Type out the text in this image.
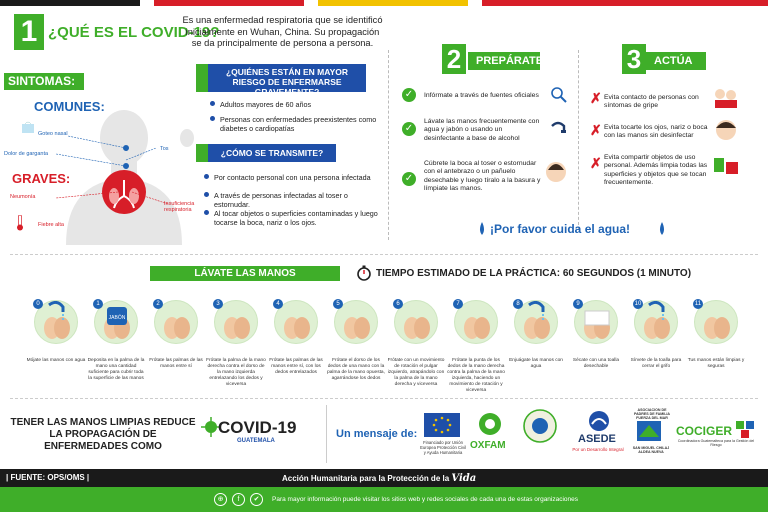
1 ¿QUÉ ES EL COVID-19?
Es una enfermedad respiratoria que se identificó inicialmente en Wuhan, China. Su propagación se da principalmente de persona a persona.
SINTOMAS:
COMUNES:
GRAVES:
Goteo nasal
Dolor de garganta
Tos
Neumonía
Fiebre alta
Insuficiencia respiratoria
¿QUIÉNES ESTÁN EN MAYOR RIESGO DE ENFERMARSE GRAVEMENTE?
Adultos mayores de 60 años
Personas con enfermedades preexistentes como diabetes o cardiopatías
¿CÓMO SE TRANSMITE?
Por contacto personal con una persona infectada
A través de personas infectadas al toser o estornudar.
Al tocar objetos o superficies contaminadas y luego tocarse la boca, nariz o los ojos.
2	PREPÁRATE
✓	Infórmate a través de fuentes oficiales
✓
Lávate las manos frecuentemente con agua y jabón o usando un desinfectante a base de alcohol
✓
Cúbrete la boca al toser o estornudar con el antebrazo o un pañuelo desechable y luego tíralo a la basura y límpiate las manos.
3	ACTÚA
✗ Evita contacto de personas con síntomas de gripe
✗ Evita tocarte los ojos, nariz o boca con las manos sin desinfectar
✗ Evita compartir objetos de uso personal. Además limpia todas las superficies y objetos que se tocan frecuentemente.
¡Por favor cuida el agua!
LÁVATE LAS MANOS CORRECTAMENTE
TIEMPO ESTIMADO DE LA PRÁCTICA: 60 SEGUNDOS (1 MINUTO)
0
Mójate las manos con agua
JABÓN
1
Deposita en la palma de la mano una cantidad suficiente para cubrir toda la superficie de las manos
2
Frótate las palmas de las manos entre sí
3
Frótate la palma de la mano derecha contra el dorso de la mano izquierda entrelazando los dedos y viceversa
4
Frótate las palmas de las manos entre sí, con los dedos entrelazados
5
Frótate el dorso de los dedos de una mano con la palma de la mano opuesta, agarrándose los dedos
6
Frótate con un movimiento de rotación el pulgar izquierdo, atrapándolo con la palma de la mano derecha y viceversa
7
Frótate la punta de los dedos de la mano derecha contra la palma de la mano izquierda, haciendo un movimiento de rotación y viceversa
8
Enjuágate las manos con agua
9
Sécate con una toalla desechable
10
Sírvete de la toalla para cerrar el grifo
11
Tus manos están limpias y seguras
TENER LAS MANOS LIMPIAS REDUCE LA PROPAGACIÓN DE ENFERMEDADES COMO
COVID-19
GUATEMALA
Un mensaje de:
Financiado por Unión Europea Protección Civil y Ayuda Humanitaria
OXFAM
ASEDE
Por un Desarrollo Integral
ASOCIACION DE PADRES DE FAMILIA FUERZA DEL MAR
SAN MIGUEL CHILAJ ALDEA NUEVA
COCIGER
Coordinadora Guatemalteca para la Gestión del Riesgo
| FUENTE: OPS/OMS |	Acción Humanitaria para la Protección de la Vida
⊕	f	✔	Para mayor información puede visitar los sitios web y redes sociales de cada una de estas organizaciones
